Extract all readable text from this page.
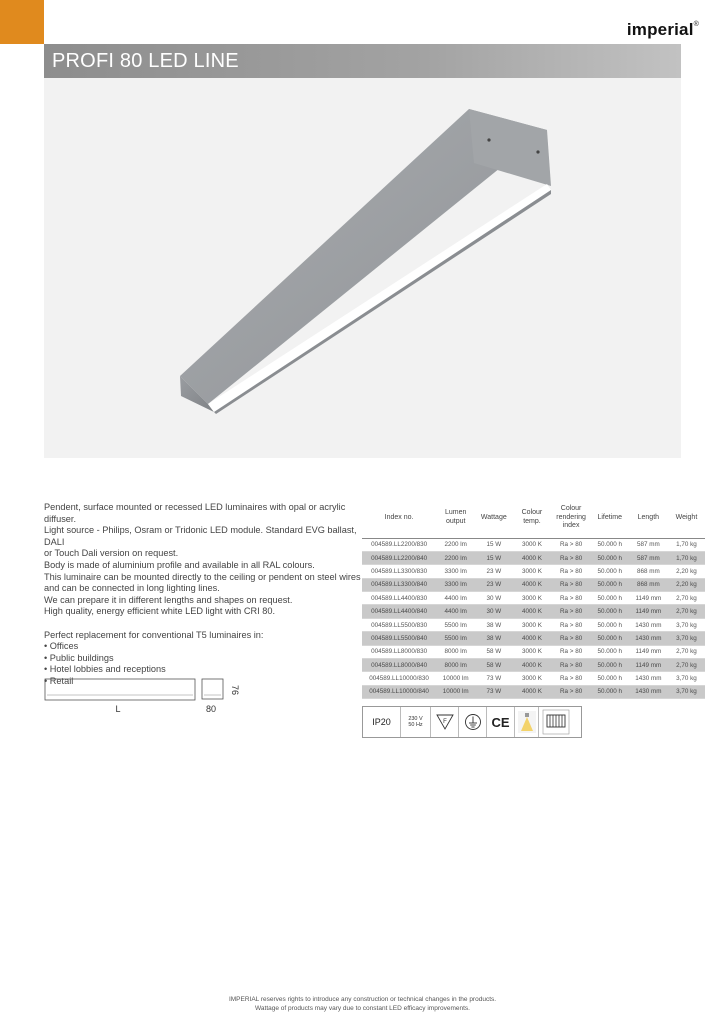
imperial®
PROFI 80 LED LINE

Pendent, surface mounted or recessed LED luminaires with opal or acrylic diffuser.

Light source - Philips, Osram or Tridonic LED module. Standard EVG ballast, DALI

or Touch Dali version on request.

Body is made of aluminium profile and available in all RAL colours.

This luminaire can be mounted directly to the ceiling or pendent on steel wires

and can be connected in long lighting lines.

We can prepare it in different lengths and shapes on request.

High quality, energy efficient white LED light with CRI 80.

Perfect replacement for conventional T5 luminaires in:

• Offices
• Public buildings
• Hotel lobbies and receptions
• Retail
L	80
76
Index no.	Lumen output	Wattage	Colour temp.	Colour rendering index	Lifetime	Length	Weight
004589.LL2200/830	2200 lm	15 W	3000 K	Ra > 80	50.000 h	587 mm	1,70 kg
004589.LL2200/840	2200 lm	15 W	4000 K	Ra > 80	50.000 h	587 mm	1,70 kg
004589.LL3300/830	3300 lm	23 W	3000 K	Ra > 80	50.000 h	868 mm	2,20 kg
004589.LL3300/840	3300 lm	23 W	4000 K	Ra > 80	50.000 h	868 mm	2,20 kg
004589.LL4400/830	4400 lm	30 W	3000 K	Ra > 80	50.000 h	1149 mm	2,70 kg
004589.LL4400/840	4400 lm	30 W	4000 K	Ra > 80	50.000 h	1149 mm	2,70 kg
004589.LL5500/830	5500 lm	38 W	3000 K	Ra > 80	50.000 h	1430 mm	3,70 kg
004589.LL5500/840	5500 lm	38 W	4000 K	Ra > 80	50.000 h	1430 mm	3,70 kg
004589.LL8000/830	8000 lm	58 W	3000 K	Ra > 80	50.000 h	1149 mm	2,70 kg
004589.LL8000/840	8000 lm	58 W	4000 K	Ra > 80	50.000 h	1149 mm	2,70 kg
004589.LL10000/830	10000 lm	73 W	3000 K	Ra > 80	50.000 h	1430 mm	3,70 kg
004589.LL10000/840	10000 lm	73 W	4000 K	Ra > 80	50.000 h	1430 mm	3,70 kg
IP20	230 V
50 Hz	F	CE
IMPERIAL reserves rights to introduce any construction or technical changes in the products.
Wattage of products may vary due to constant LED efficacy improvements.
